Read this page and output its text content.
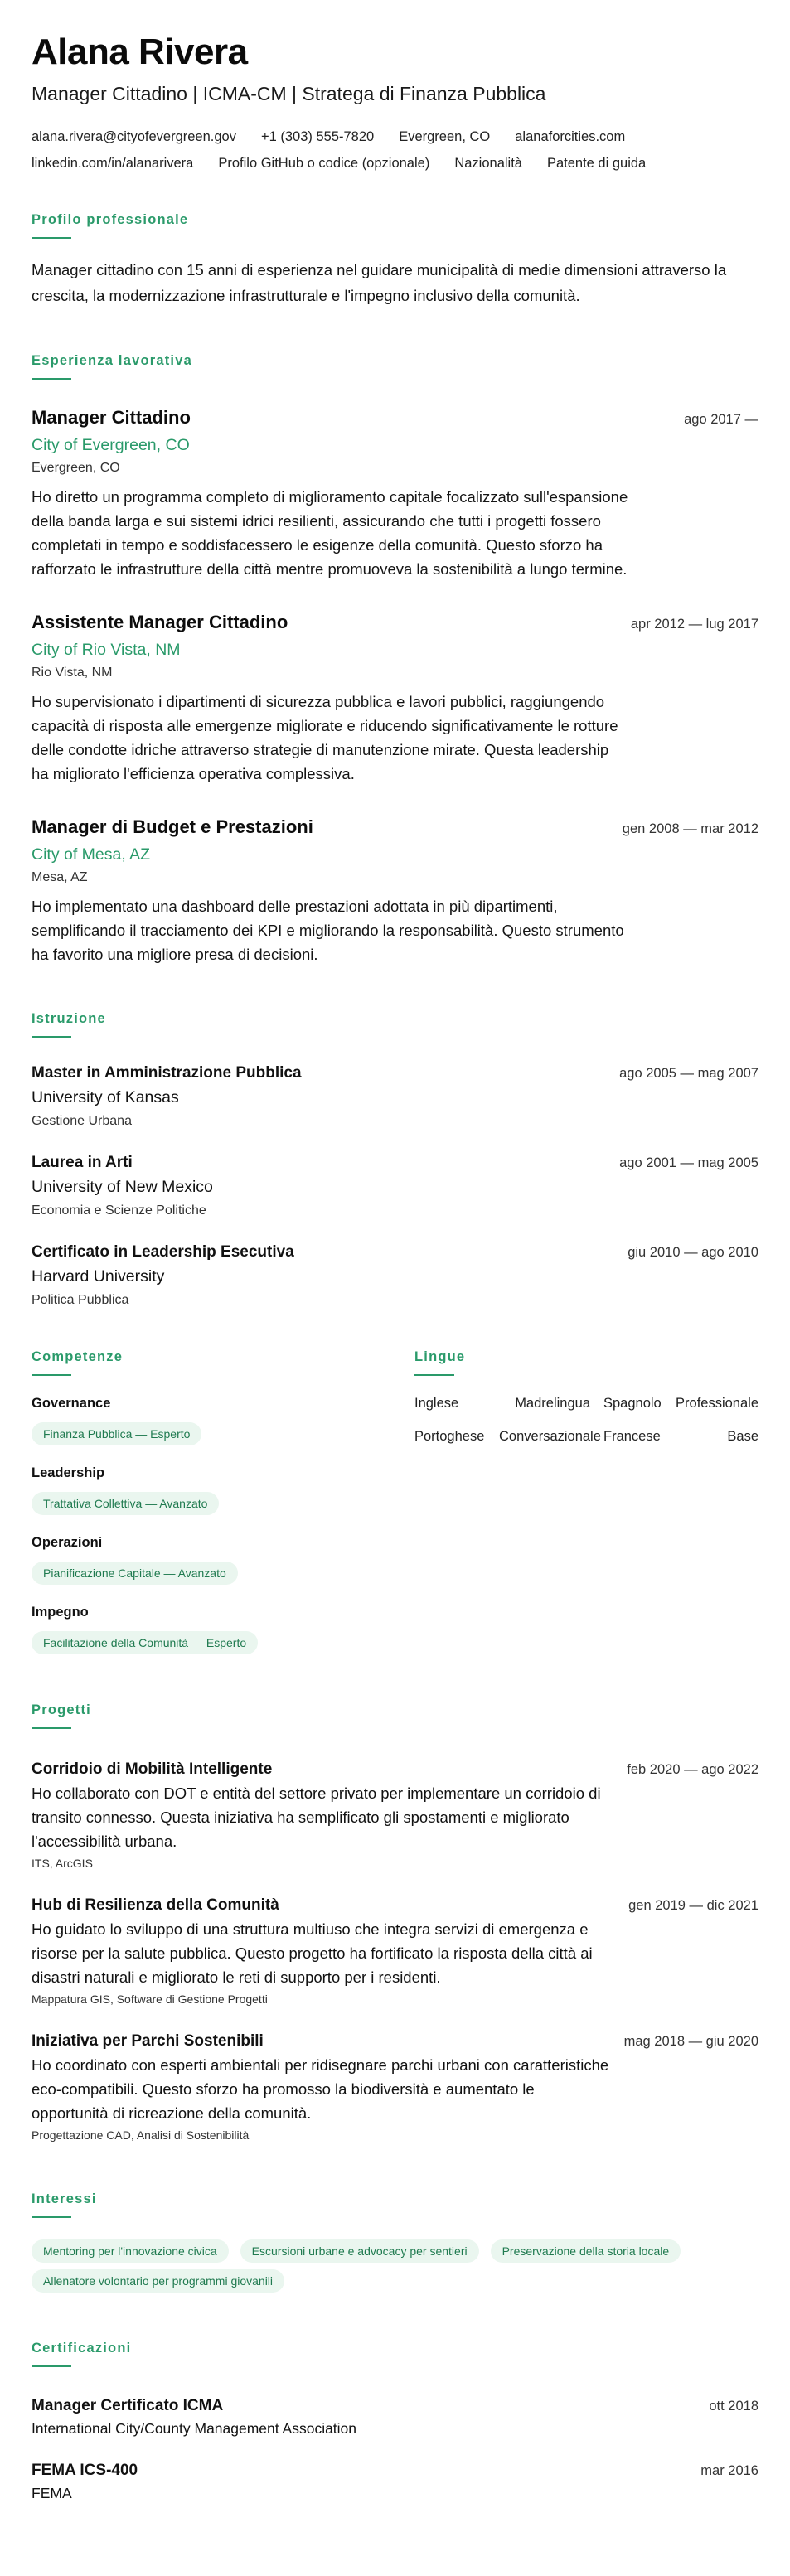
Alana Rivera
Manager Cittadino | ICMA-CM | Stratega di Finanza Pubblica
alana.rivera@cityofevergreen.gov +1 (303) 555-7820 Evergreen, CO alanaforcities.com
linkedin.com/in/alanarivera Profilo GitHub o codice (opzionale) Nazionalità Patente di guida
Profilo professionale
Manager cittadino con 15 anni di esperienza nel guidare municipalità di medie dimensioni attraverso la crescita, la modernizzazione infrastrutturale e l'impegno inclusivo della comunità.
Esperienza lavorativa
Manager Cittadino	ago 2017 —
City of Evergreen, CO
Evergreen, CO
Ho diretto un programma completo di miglioramento capitale focalizzato sull'espansione della banda larga e sui sistemi idrici resilienti, assicurando che tutti i progetti fossero completati in tempo e soddisfacessero le esigenze della comunità. Questo sforzo ha rafforzato le infrastrutture della città mentre promuoveva la sostenibilità a lungo termine.
Assistente Manager Cittadino	apr 2012 — lug 2017
City of Rio Vista, NM
Rio Vista, NM
Ho supervisionato i dipartimenti di sicurezza pubblica e lavori pubblici, raggiungendo capacità di risposta alle emergenze migliorate e riducendo significativamente le rotture delle condotte idriche attraverso strategie di manutenzione mirate. Questa leadership ha migliorato l'efficienza operativa complessiva.
Manager di Budget e Prestazioni	gen 2008 — mar 2012
City of Mesa, AZ
Mesa, AZ
Ho implementato una dashboard delle prestazioni adottata in più dipartimenti, semplificando il tracciamento dei KPI e migliorando la responsabilità. Questo strumento ha favorito una migliore presa di decisioni.
Istruzione
Master in Amministrazione Pubblica	ago 2005 — mag 2007
University of Kansas
Gestione Urbana
Laurea in Arti	ago 2001 — mag 2005
University of New Mexico
Economia e Scienze Politiche
Certificato in Leadership Esecutiva	giu 2010 — ago 2010
Harvard University
Politica Pubblica
Competenze
Governance
Finanza Pubblica — Esperto
Leadership
Trattativa Collettiva — Avanzato
Operazioni
Pianificazione Capitale — Avanzato
Impegno
Facilitazione della Comunità — Esperto
Lingue
Inglese	Madrelingua Spagnolo	Professionale
Portoghese	Conversazionale Francese	Base
Progetti
Corridoio di Mobilità Intelligente	feb 2020 — ago 2022
Ho collaborato con DOT e entità del settore privato per implementare un corridoio di transito connesso. Questa iniziativa ha semplificato gli spostamenti e migliorato l'accessibilità urbana.
ITS, ArcGIS
Hub di Resilienza della Comunità	gen 2019 — dic 2021
Ho guidato lo sviluppo di una struttura multiuso che integra servizi di emergenza e risorse per la salute pubblica. Questo progetto ha fortificato la risposta della città ai disastri naturali e migliorato le reti di supporto per i residenti.
Mappatura GIS, Software di Gestione Progetti
Iniziativa per Parchi Sostenibili	mag 2018 — giu 2020
Ho coordinato con esperti ambientali per ridisegnare parchi urbani con caratteristiche eco-compatibili. Questo sforzo ha promosso la biodiversità e aumentato le opportunità di ricreazione della comunità.
Progettazione CAD, Analisi di Sostenibilità
Interessi
Mentoring per l'innovazione civica	Escursioni urbane e advocacy per sentieri	Preservazione della storia locale
Allenatore volontario per programmi giovanili
Certificazioni
Manager Certificato ICMA	ott 2018
International City/County Management Association
FEMA ICS-400	mar 2016
FEMA
